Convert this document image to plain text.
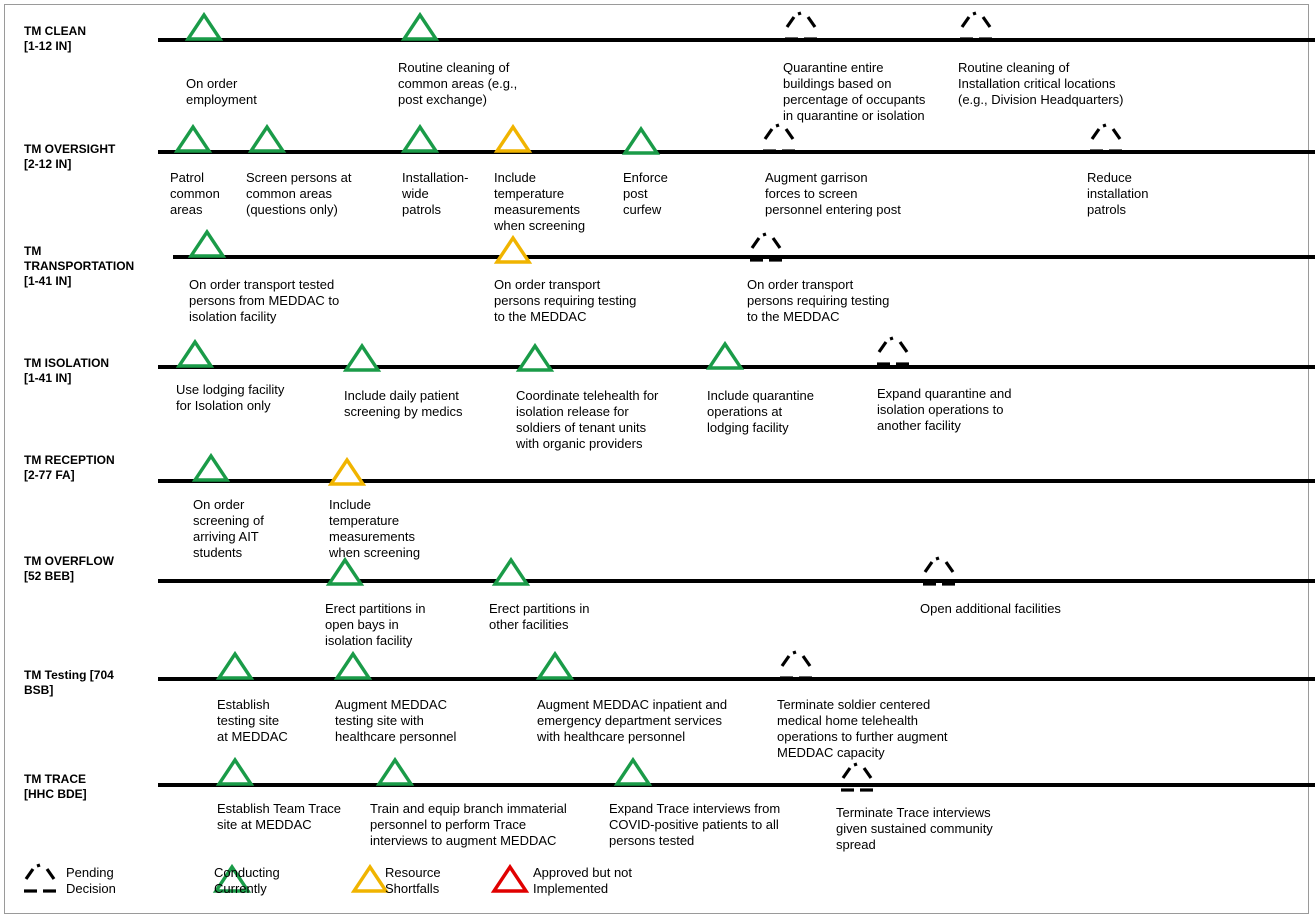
TM CLEAN
[1-12 IN]
On order
employment
Routine cleaning of
common areas (e.g.,
post exchange)
Quarantine entire
buildings based on
percentage of occupants
in quarantine or isolation
Routine cleaning of
Installation critical locations
(e.g., Division Headquarters)
TM OVERSIGHT
[2-12 IN]
Patrol
common
areas
Screen persons at
common areas
(questions only)
Installation-
wide
patrols
Include
temperature
measurements
when screening
Enforce
post
curfew
Augment garrison
forces to screen
personnel entering post
Reduce
installation
patrols
TM
TRANSPORTATION
[1-41 IN]	On order transport tested
persons from MEDDAC to
isolation facility
On order transport
persons requiring testing
to the MEDDAC
On order transport
persons requiring testing
to the MEDDAC
TM ISOLATION
[1-41 IN]
Use lodging facility
for Isolation only
Include daily patient
screening by medics
Coordinate telehealth for
isolation release for
soldiers of tenant units
with organic providers
Include quarantine
operations at
lodging facility
Expand quarantine and
isolation operations to
another facility
TM RECEPTION
[2-77 FA]
On order
screening of
arriving AIT
students
Include
temperature
measurements
when screening
TM OVERFLOW
[52 BEB]
Erect partitions in
open bays in
isolation facility
Erect partitions in
other facilities
Open additional facilities
TM Testing [704
BSB]
Establish
testing site
at MEDDAC
Augment MEDDAC
testing site with
healthcare personnel
Augment MEDDAC inpatient and
emergency department services
with healthcare personnel
Terminate soldier centered
medical home telehealth
operations to further augment
MEDDAC capacity
TM TRACE
[HHC BDE]
Establish Team Trace
site at MEDDAC
Train and equip branch immaterial
personnel to perform Trace
interviews to augment MEDDAC
Expand Trace interviews from
COVID-positive patients to all
persons tested
Terminate Trace interviews
given sustained community
spread
Pending
Decision
Conducting
Currently
Resource
Shortfalls
Approved but not
Implemented
